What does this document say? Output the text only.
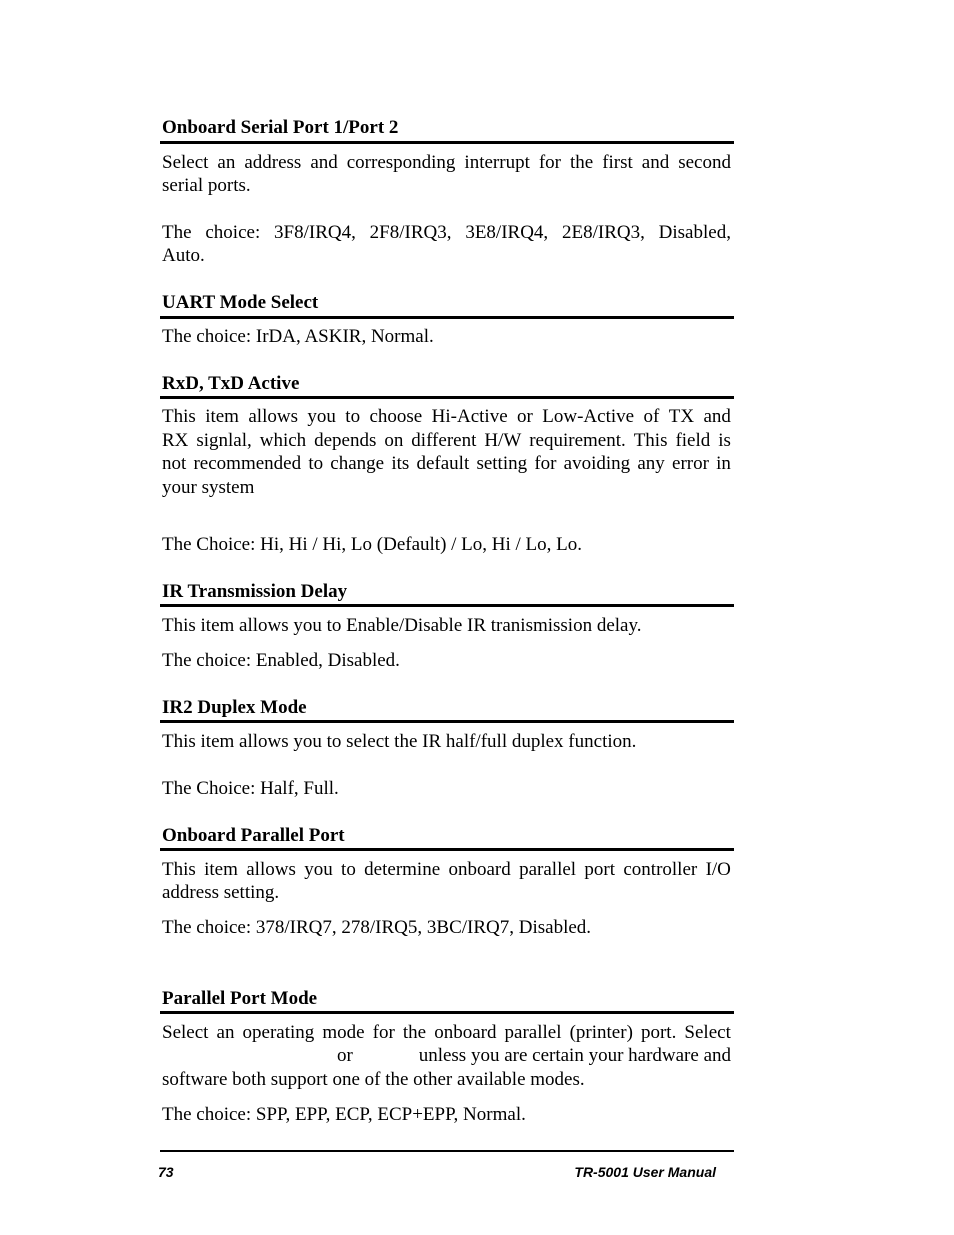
Onboard Serial Port 1/Port 2
Select an address and corresponding interrupt for the first and second
serial ports.
The choice: 3F8/IRQ4, 2F8/IRQ3, 3E8/IRQ4, 2E8/IRQ3, Disabled,
Auto.
UART Mode Select
The choice: IrDA, ASKIR, Normal.
RxD, TxD Active
This item allows you to choose Hi-Active or Low-Active of TX and
RX signlal, which depends on different H/W requirement. This field is
not recommended to change its default setting for avoiding any error in
your system
The Choice: Hi, Hi / Hi, Lo (Default) / Lo, Hi / Lo, Lo.
IR Transmission Delay
This item allows you to Enable/Disable IR tranismission delay.
The choice: Enabled, Disabled.
IR2 Duplex Mode
This item allows you to select the IR half/full duplex function.
The Choice: Half, Full.
Onboard Parallel Port
This item allows you to determine onboard parallel port controller I/O
address setting.
The choice: 378/IRQ7, 278/IRQ5, 3BC/IRQ7, Disabled.
Parallel Port Mode
Select an operating mode for the onboard parallel (printer) port. Select
or	unless you are certain your hardware and
software both support one of the other available modes.
The choice: SPP, EPP, ECP, ECP+EPP, Normal.
73	TR-5001 User Manual
